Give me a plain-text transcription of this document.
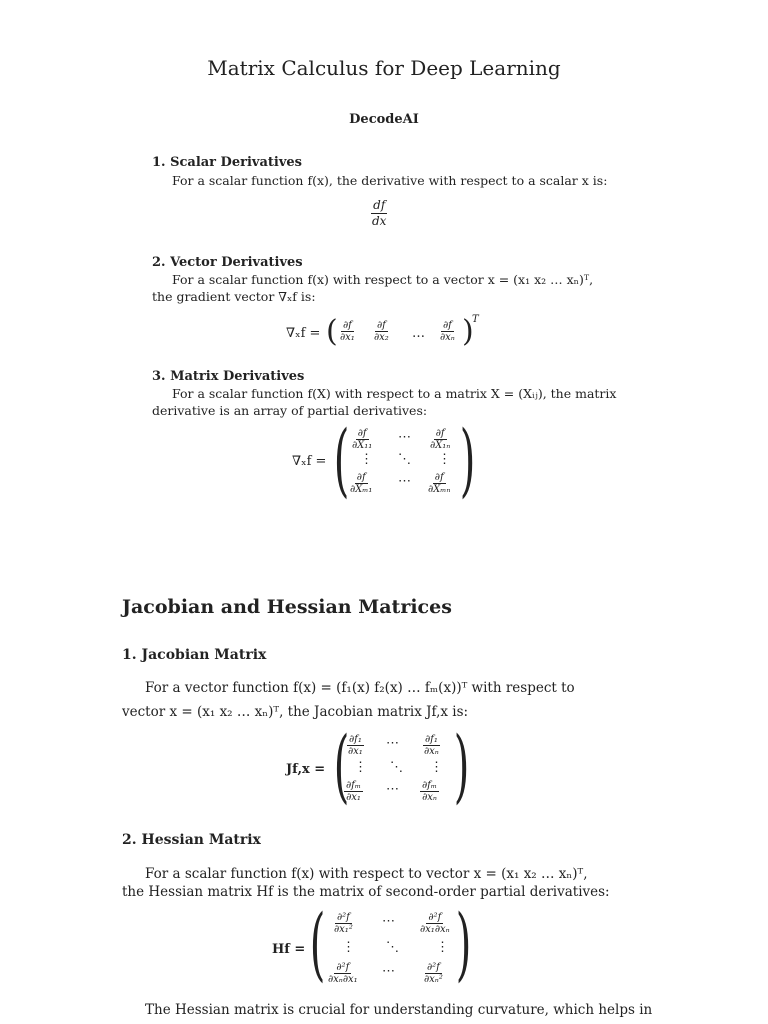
Matrix Calculus for Deep Learning
DecodeAI
1. Scalar Derivatives
For a scalar function f(x), the derivative with respect to a scalar x is:
$\frac{df}{dx}$
2. Vector Derivatives
For a scalar function f(x) with respect to a vector x = (x₁ x₂ … xₙ)ᵀ,
the gradient vector ∇ₓf is:
∇ₓf = ( $\frac{\partial f}{\text{∂x₁}} \frac{\partial f}{\text{∂x₂}}$ … $\frac{\partial f}{\text{∂xₙ}}$ )
T
3. Matrix Derivatives
For a scalar function f(X) with respect to a matrix X = (Xᵢⱼ), the matrix
derivative is an array of partial derivatives:
∇ₓf = ( $\frac{\partial f}{\text{∂X₁₁}}$ ⋯ $\frac{\partial f}{\text{∂X₁ₙ}}$
⋮ ⋱ ⋮
$\frac{\partial f}{\text{∂Xₘ₁}}$ ⋯ $\frac{\partial f}{\text{∂Xₘₙ}}$ )
Jacobian and Hessian Matrices
1. Jacobian Matrix
For a vector function f(x) = (f₁(x) f₂(x) … fₘ(x))ᵀ with respect to
vector x = (x₁ x₂ … xₙ)ᵀ, the Jacobian matrix Jf,x is:
Jf,x = (
$\frac{\text{∂f₁}}{\text{∂x₁}}$ ⋯ $\frac{\text{∂f₁}}{\text{∂xₙ}}$
⋮ ⋱ ⋮
$\frac{\text{∂fₘ}}{\text{∂x₁}}$ ⋯ $\frac{\text{∂fₘ}}{\text{∂xₙ}}$ )
2. Hessian Matrix
For a scalar function f(x) with respect to vector x = (x₁ x₂ … xₙ)ᵀ,
the Hessian matrix Hf is the matrix of second-order partial derivatives:
Hf = ( $\frac{\text{∂²f}}{\text{∂x₁²}}$ ⋯ $\frac{\text{∂²f}}{\text{∂x₁∂xₙ}}$
⋮ ⋱	⋮
$\frac{\text{∂²f}}{\text{∂xₙ∂x₁}}$ ⋯	$\frac{\text{∂²f}}{\text{∂xₙ²}}$ )
The Hessian matrix is crucial for understanding curvature, which helps in
